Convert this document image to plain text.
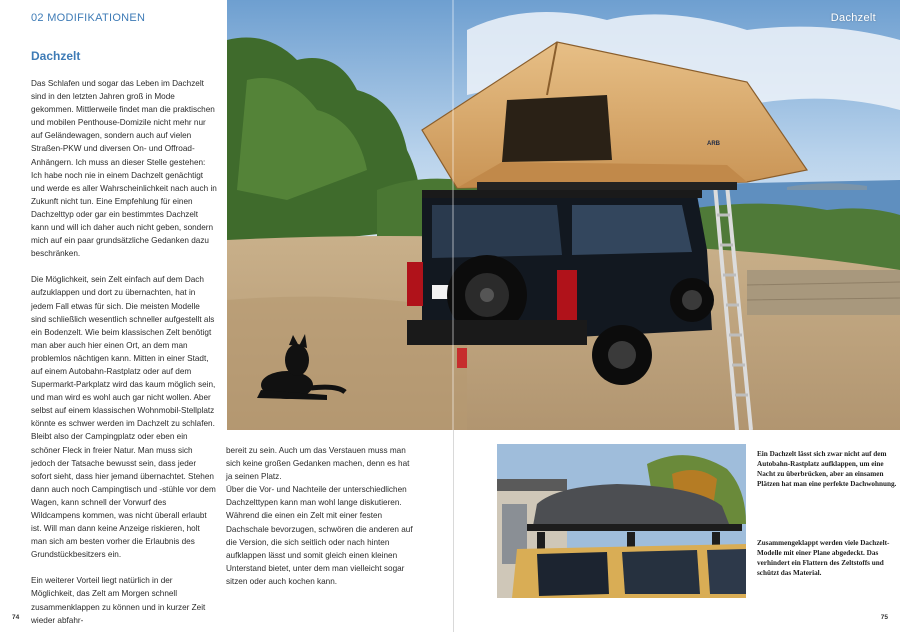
02 MODIFIKATIONEN
Dachzelt

Das Schlafen und sogar das Leben im Dachzelt sind in den letzten Jahren groß in Mode gekommen. Mittlerweile findet man die praktischen und mobilen Penthouse-Domizile nicht mehr nur auf Geländewagen, sondern auch auf vielen Straßen-PKW und diversen On- und Offroad-Anhängern. Ich muss an dieser Stelle gestehen: Ich habe noch nie in einem Dachzelt genächtigt und werde es aller Wahrscheinlichkeit nach auch in Zukunft nicht tun. Eine Empfehlung für einen Dachzelttyp oder gar ein bestimmtes Dachzelt kann und will ich daher auch nicht geben, sondern mich auf ein paar grundsätzliche Gedanken dazu beschränken.

Die Möglichkeit, sein Zelt einfach auf dem Dach aufzuklappen und dort zu übernachten, hat in jedem Fall etwas für sich. Die meisten Modelle sind schließlich wesentlich schneller aufgestellt als ein Bodenzelt. Wie beim klassischen Zelt benötigt man aber auch hier einen Ort, an dem man problemlos nächtigen kann. Mitten in einer Stadt, auf einem Autobahn-Rastplatz oder auf dem Supermarkt-Parkplatz wird das kaum möglich sein, und man wird es wohl auch gar nicht wollen. Aber selbst auf einem klassischen Wohnmobil-Stellplatz könnte es schwer werden im Dachzelt zu schlafen. Bleibt also der Campingplatz oder eben ein schöner Fleck in freier Natur. Man muss sich jedoch der Tatsache bewusst sein, dass jeder sofort sieht, dass hier jemand übernachtet. Stehen dann auch noch Campingtisch und -stühle vor dem Wagen, kann schnell der Vorwurf des Wildcampens kommen, was nicht überall erlaubt ist. Will man dann keine Anzeige riskieren, holt man sich am besten vorher die Erlaubnis des Grundstückbesitzers ein.

Ein weiterer Vorteil liegt natürlich in der Möglichkeit, das Zelt am Morgen schnell zusammenklappen zu können und in kurzer Zeit wieder abfahr-

bereit zu sein. Auch um das Verstauen muss man sich keine großen Gedanken machen, denn es hat ja seinen Platz.
Über die Vor- und Nachteile der unterschiedlichen Dachzelttypen kann man wohl lange diskutieren. Während die einen ein Zelt mit einer festen Dachschale bevorzugen, schwören die anderen auf die Version, die sich seitlich oder nach hinten aufklappen lässt und somit gleich einen kleinen Unterstand bietet, unter dem man vielleicht sogar sitzen oder auch kochen kann.

ARB
Dachzelt
Ein Dachzelt lässt sich zwar nicht auf dem Autobahn-Rastplatz aufklappen, um eine Nacht zu überbrücken, aber an einsamen Plätzen hat man eine perfekte Dachwohnung.
Zusammengeklappt werden viele Dachzelt-Modelle mit einer Plane abgedeckt. Das verhindert ein Flattern des Zeltstoffs und schützt das Material.
74	75
